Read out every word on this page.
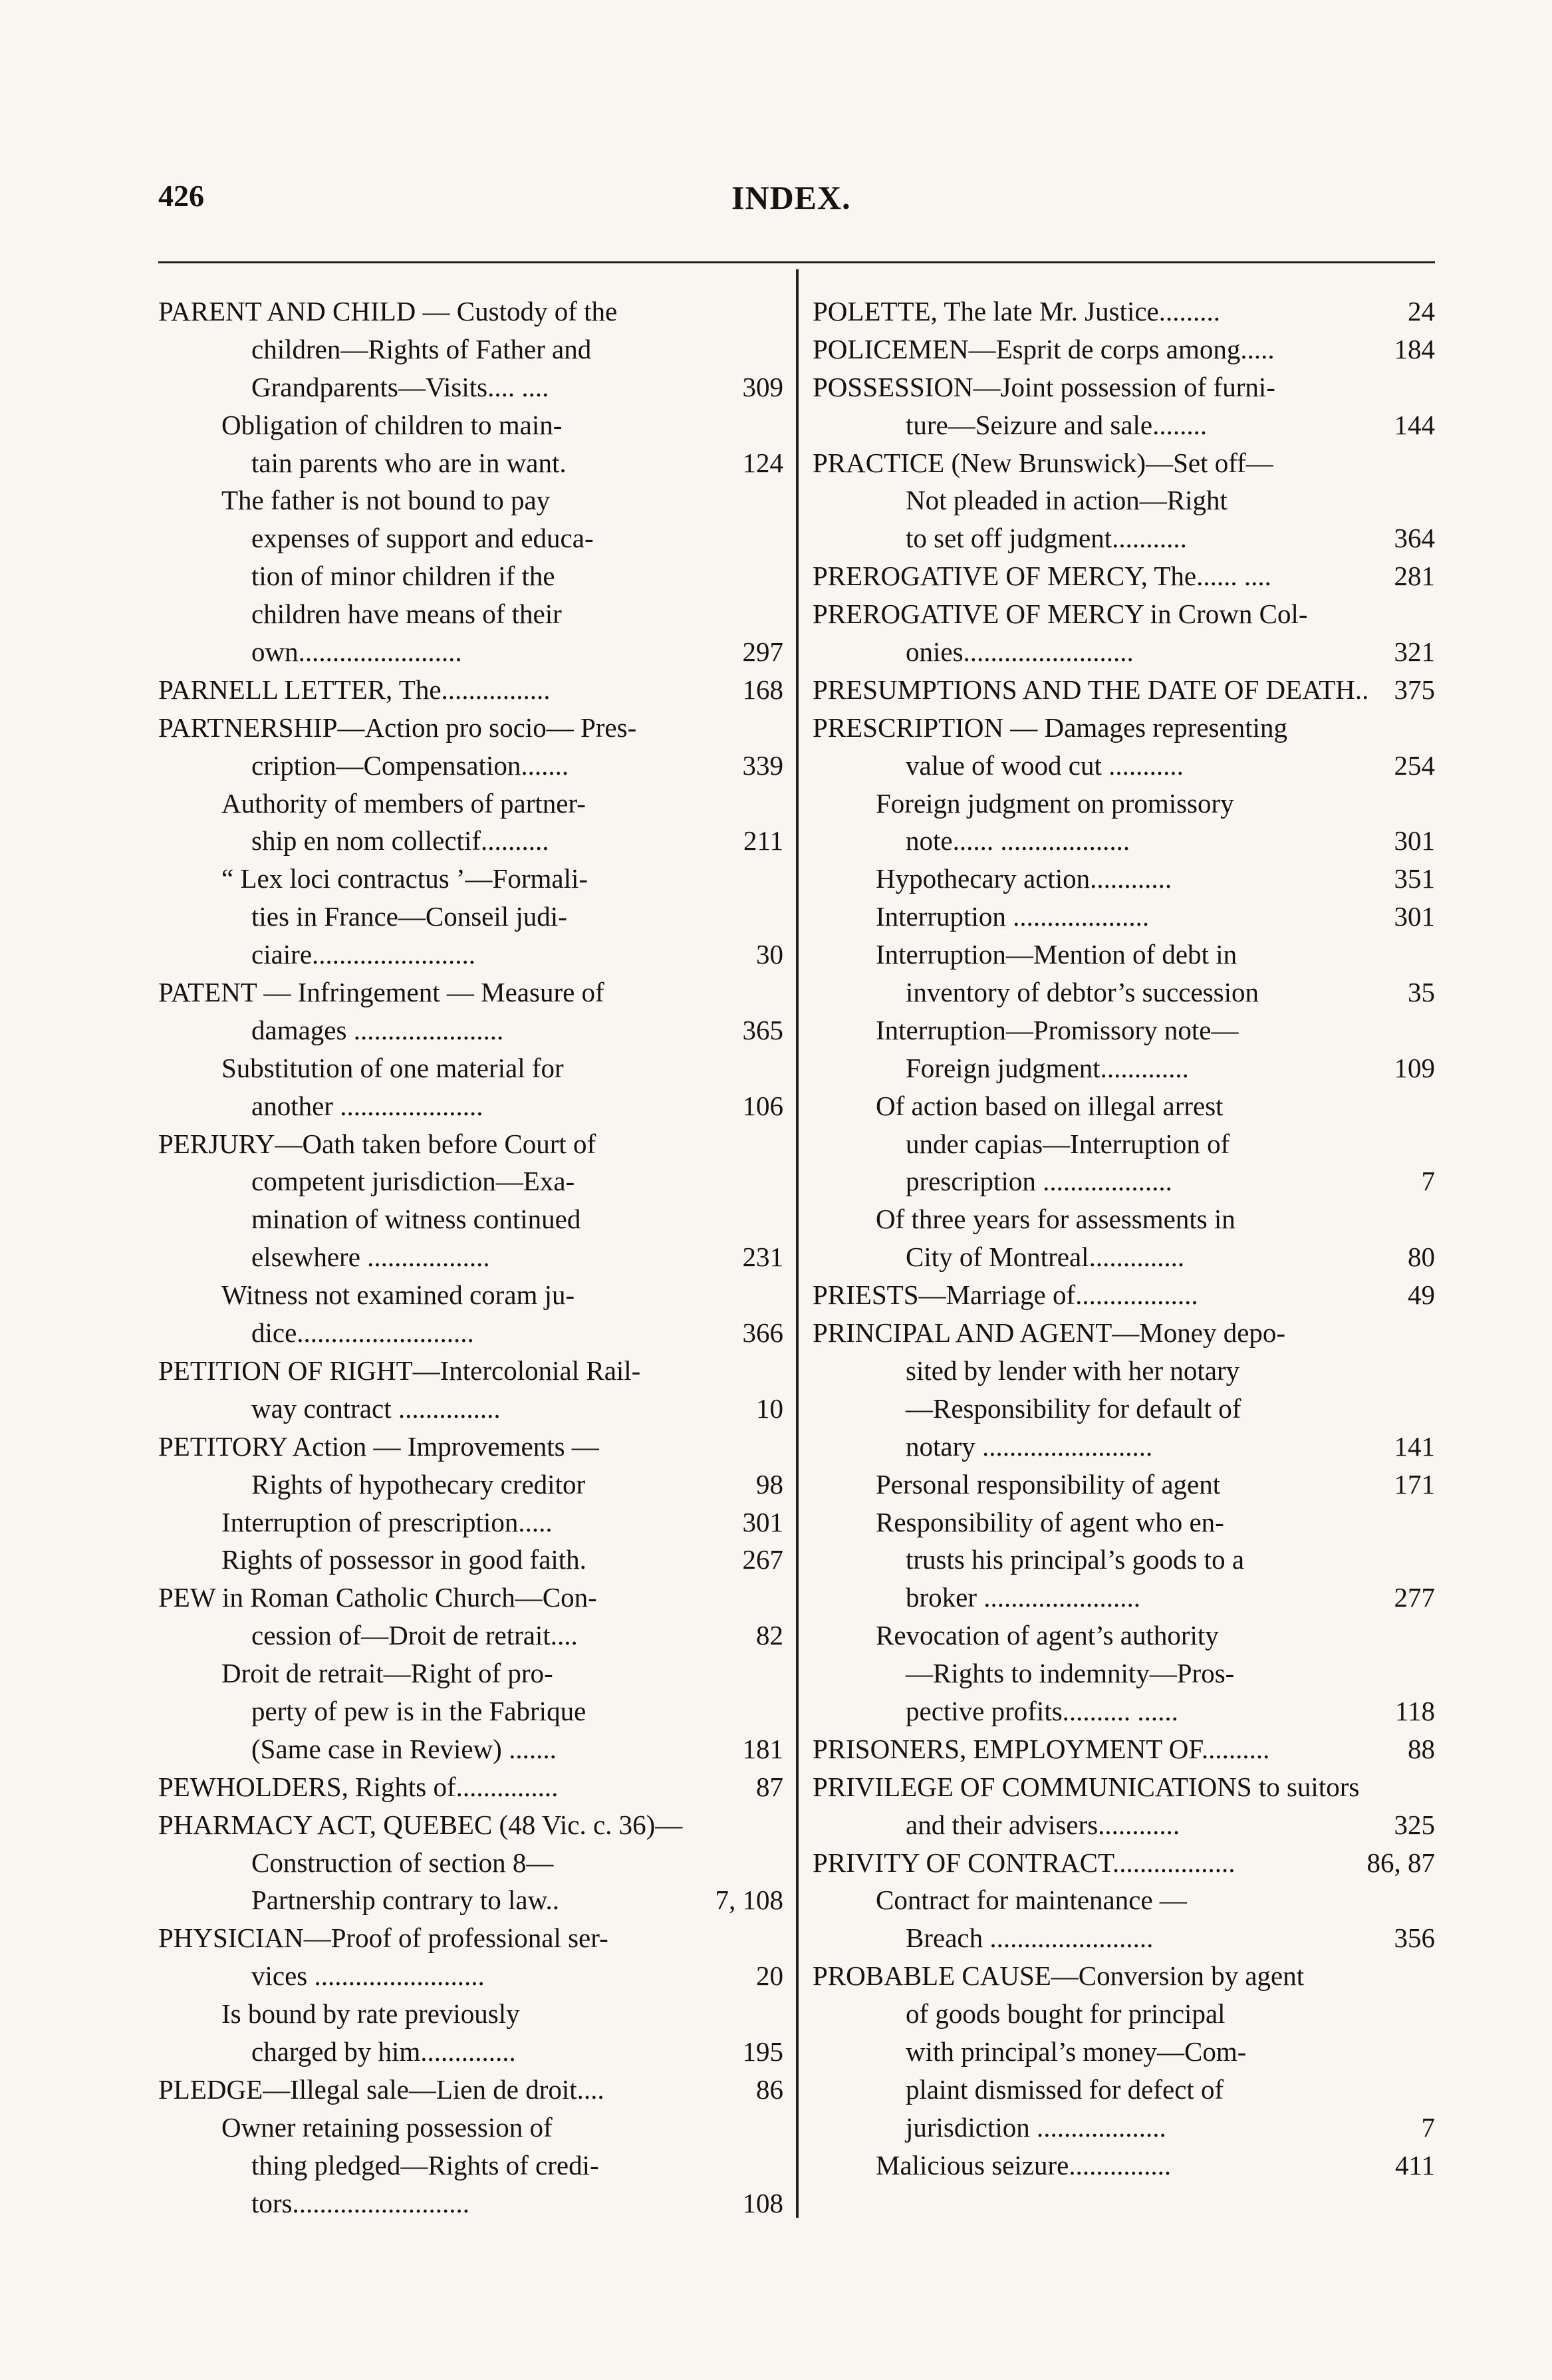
426	INDEX.
PARENT AND CHILD — Custody of the
children—Rights of Father and
Grandparents—Visits.... ....	309
Obligation of children to main-
tain parents who are in want.	124
The father is not bound to pay
expenses of support and educa-
tion of minor children if the
children have means of their
own........................	297
PARNELL LETTER, The................	168
PARTNERSHIP—Action pro socio— Pres-
cription—Compensation.......	339
Authority of members of partner-
ship en nom collectif..........	211
“ Lex loci contractus ’—Formali-
ties in France—Conseil judi-
ciaire........................	30
PATENT — Infringement — Measure of
damages ......................	365
Substitution of one material for
another .....................	106
PERJURY—Oath taken before Court of
competent jurisdiction—Exa-
mination of witness continued
elsewhere ..................	231
Witness not examined coram ju-
dice..........................	366
PETITION OF RIGHT—Intercolonial Rail-
way contract ...............	10
PETITORY Action — Improvements —
Rights of hypothecary creditor	98
Interruption of prescription.....	301
Rights of possessor in good faith.	267
PEW in Roman Catholic Church—Con-
cession of—Droit de retrait....	82
Droit de retrait—Right of pro-
perty of pew is in the Fabrique
(Same case in Review) .......	181
PEWHOLDERS, Rights of...............	87
PHARMACY ACT, QUEBEC (48 Vic. c. 36)—
Construction of section 8—
Partnership contrary to law..	7, 108
PHYSICIAN—Proof of professional ser-
vices .........................	20
Is bound by rate previously
charged by him..............	195
PLEDGE—Illegal sale—Lien de droit....	86
Owner retaining possession of
thing pledged—Rights of credi-
tors..........................	108
POLETTE, The late Mr. Justice.........	24
POLICEMEN—Esprit de corps among.....	184
POSSESSION—Joint possession of furni-
ture—Seizure and sale........	144
PRACTICE (New Brunswick)—Set off—
Not pleaded in action—Right
to set off judgment...........	364
PREROGATIVE OF MERCY, The...... ....	281
PREROGATIVE OF MERCY in Crown Col-
onies.........................	321
PRESUMPTIONS AND THE DATE OF DEATH.. 375
PRESCRIPTION — Damages representing
value of wood cut ...........	254
Foreign judgment on promissory
note...... ...................	301
Hypothecary action............	351
Interruption ....................	301
Interruption—Mention of debt in
inventory of debtor’s succession	35
Interruption—Promissory note—
Foreign judgment.............	109
Of action based on illegal arrest
under capias—Interruption of
prescription ...................	7
Of three years for assessments in
City of Montreal..............	80
PRIESTS—Marriage of..................	49
PRINCIPAL AND AGENT—Money depo-
sited by lender with her notary
—Responsibility for default of
notary .........................	141
Personal responsibility of agent	171
Responsibility of agent who en-
trusts his principal’s goods to a
broker .......................	277
Revocation of agent’s authority
—Rights to indemnity—Pros-
pective profits.......... ......	118
PRISONERS, EMPLOYMENT OF..........	88
PRIVILEGE OF COMMUNICATIONS to suitors
and their advisers............	325
PRIVITY OF CONTRACT..................	86, 87
Contract for maintenance —
Breach ........................	356
PROBABLE CAUSE—Conversion by agent
of goods bought for principal
with principal’s money—Com-
plaint dismissed for defect of
jurisdiction ...................	7
Malicious seizure...............	411
